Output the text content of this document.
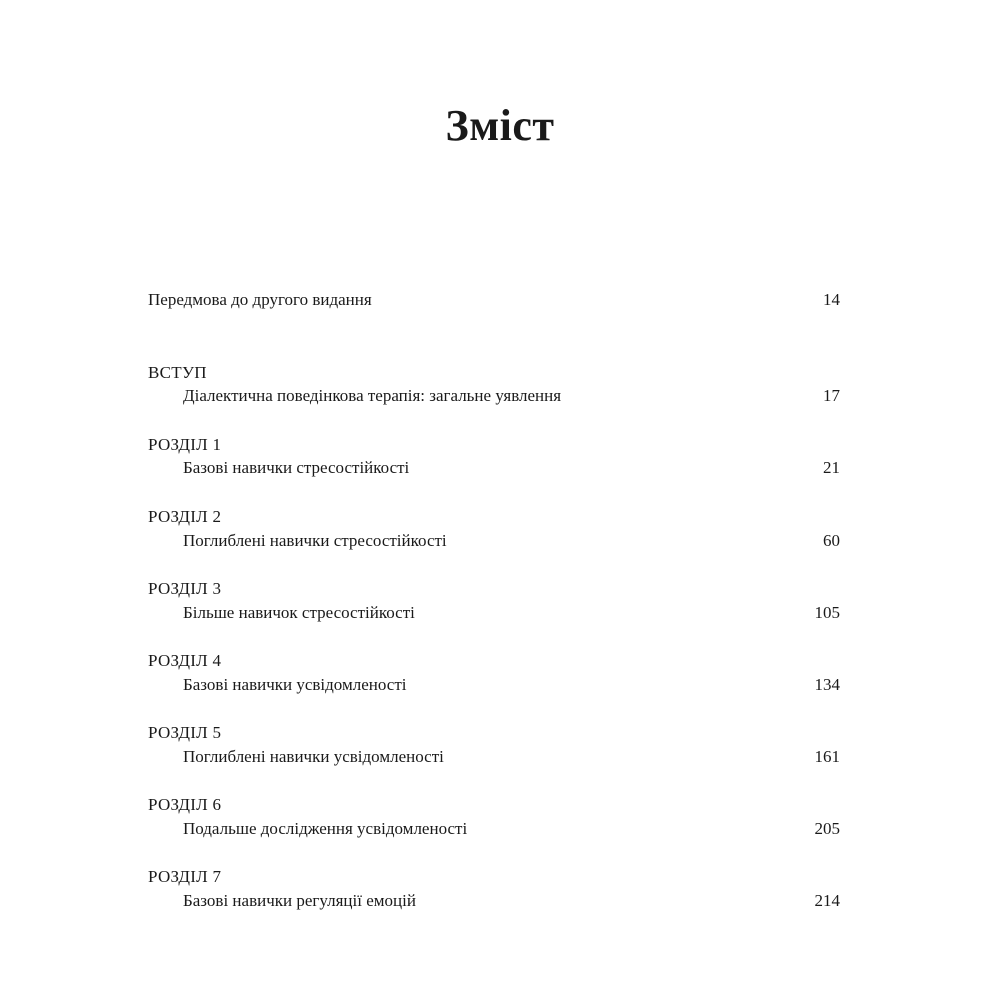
Зміст
Передмова до другого видання	14
ВСТУП
Діалектична поведінкова терапія: загальне уявлення	17
РОЗДІЛ 1
Базові навички стресостійкості	21
РОЗДІЛ 2
Поглиблені навички стресостійкості	60
РОЗДІЛ 3
Більше навичок стресостійкості	105
РОЗДІЛ 4
Базові навички усвідомленості	134
РОЗДІЛ 5
Поглиблені навички усвідомленості	161
РОЗДІЛ 6
Подальше дослідження усвідомленості	205
РОЗДІЛ 7
Базові навички регуляції емоцій	214
